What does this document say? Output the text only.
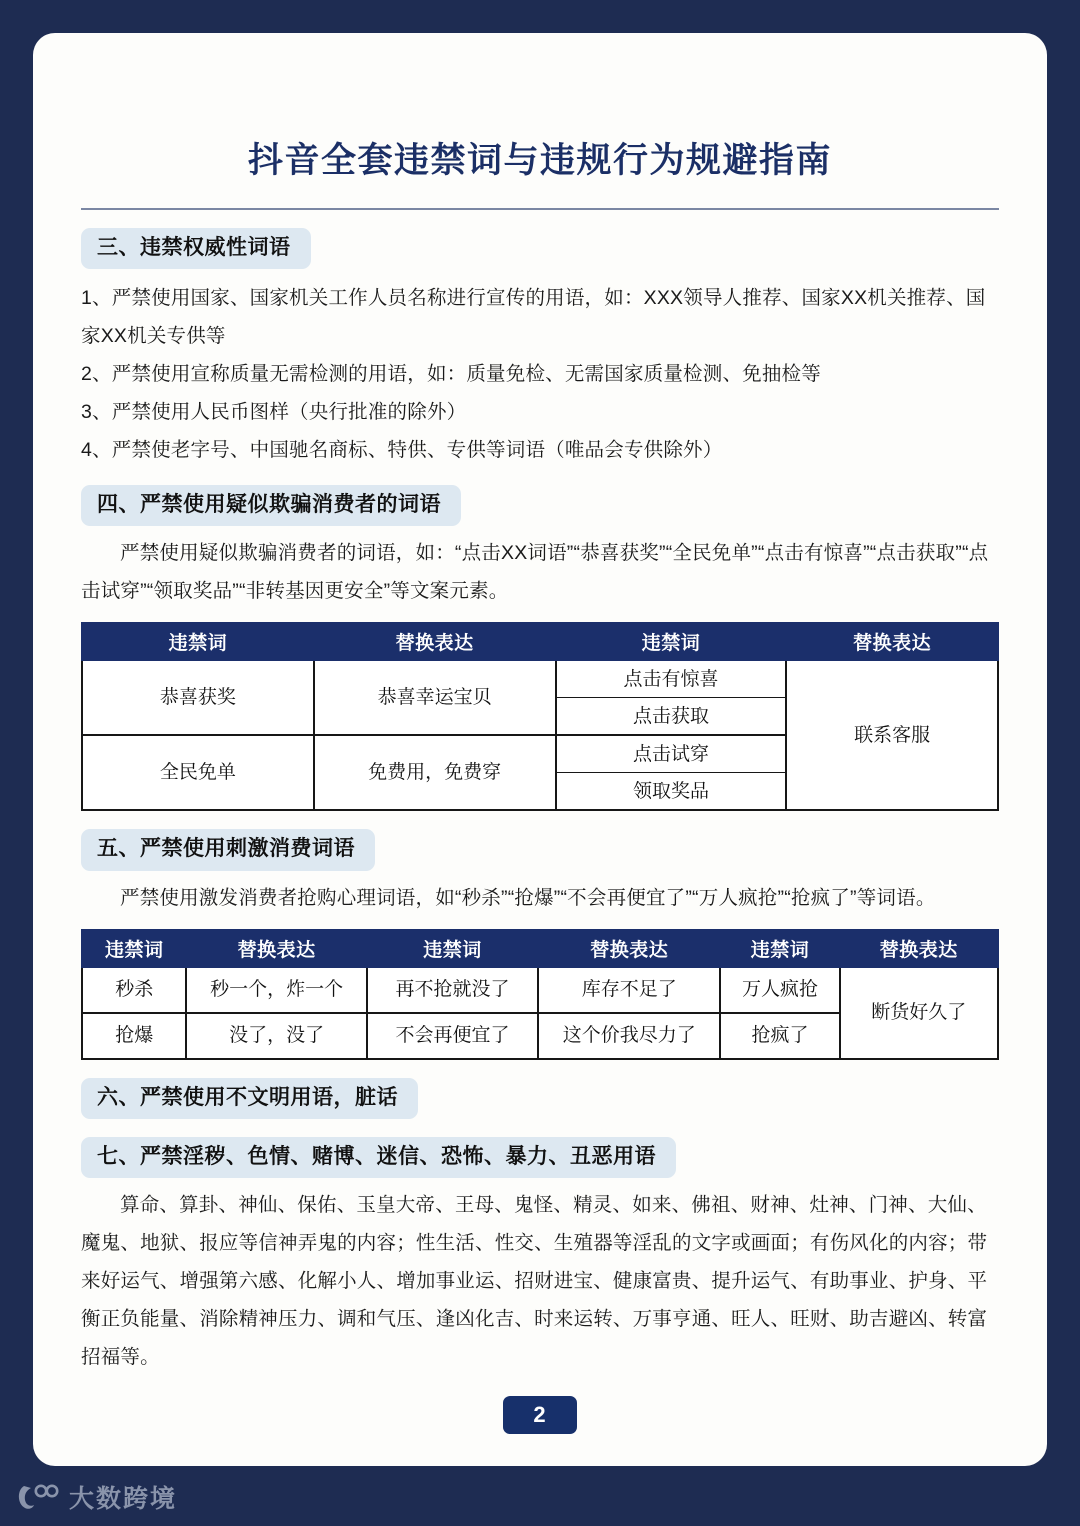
抖音全套违禁词与违规行为规避指南
三、违禁权威性词语

1、严禁使用国家、国家机关工作人员名称进行宣传的用语，如：XXX领导人推荐、国家XX机关推荐、国家XX机关专供等

2、严禁使用宣称质量无需检测的用语，如：质量免检、无需国家质量检测、免抽检等

3、严禁使用人民币图样（央行批准的除外）

4、严禁使老字号、中国驰名商标、特供、专供等词语（唯品会专供除外）

四、严禁使用疑似欺骗消费者的词语

严禁使用疑似欺骗消费者的词语，如：“点击XX词语”“恭喜获奖”“全民免单”“点击有惊喜”“点击获取”“点击试穿”“领取奖品”“非转基因更安全”等文案元素。

违禁词	替换表达	违禁词	替换表达
恭喜获奖	恭喜幸运宝贝	点击有惊喜	联系客服
		点击获取	
全民免单	免费用，免费穿	点击试穿	
		领取奖品	
五、严禁使用刺激消费词语

严禁使用激发消费者抢购心理词语，如“秒杀”“抢爆”“不会再便宜了”“万人疯抢”“抢疯了”等词语。

违禁词	替换表达	违禁词	替换表达	违禁词	替换表达
秒杀	秒一个，炸一个	再不抢就没了	库存不足了	万人疯抢	断货好久了
抢爆	没了，没了	不会再便宜了	这个价我尽力了	抢疯了	
六、严禁使用不文明用语，脏话
七、严禁淫秽、色情、赌博、迷信、恐怖、暴力、丑恶用语

算命、算卦、神仙、保佑、玉皇大帝、王母、鬼怪、精灵、如来、佛祖、财神、灶神、门神、大仙、魔鬼、地狱、报应等信神弄鬼的内容；性生活、性交、生殖器等淫乱的文字或画面；有伤风化的内容；带来好运气、增强第六感、化解小人、增加事业运、招财进宝、健康富贵、提升运气、有助事业、护身、平衡正负能量、消除精神压力、调和气压、逢凶化吉、时来运转、万事亨通、旺人、旺财、助吉避凶、转富招福等。

2
大数跨境
